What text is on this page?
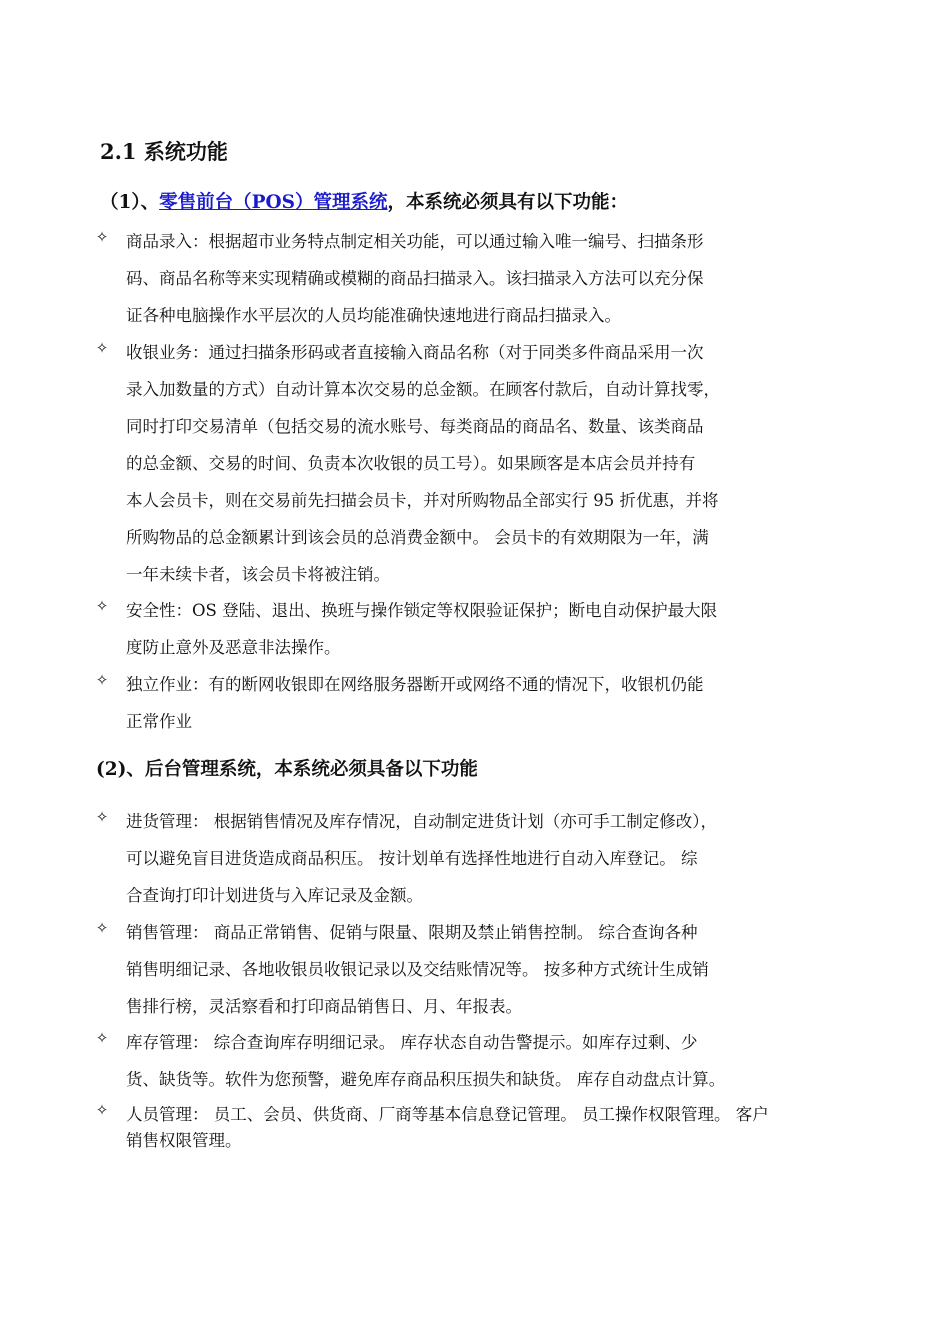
2.1 系统功能
（1）、零售前台（POS）管理系统，本系统必须具有以下功能：
✧ 商品录入：根据超市业务特点制定相关功能，可以通过输入唯一编号、扫描条形
码、商品名称等来实现精确或模糊的商品扫描录入。该扫描录入方法可以充分保
证各种电脑操作水平层次的人员均能准确快速地进行商品扫描录入。
✧ 收银业务：通过扫描条形码或者直接输入商品名称（对于同类多件商品采用一次
录入加数量的方式）自动计算本次交易的总金额。在顾客付款后，自动计算找零，
同时打印交易清单（包括交易的流水账号、每类商品的商品名、数量、该类商品
的总金额、交易的时间、负责本次收银的员工号）。如果顾客是本店会员并持有
本人会员卡，则在交易前先扫描会员卡，并对所购物品全部实行 95 折优惠，并将
所购物品的总金额累计到该会员的总消费金额中。 会员卡的有效期限为一年，满
一年未续卡者，该会员卡将被注销。
✧ 安全性：OS 登陆、退出、换班与操作锁定等权限验证保护；断电自动保护最大限
度防止意外及恶意非法操作。
✧ 独立作业：有的断网收银即在网络服务器断开或网络不通的情况下，收银机仍能
正常作业
(2)、后台管理系统，本系统必须具备以下功能
✧ 进货管理： 根据销售情况及库存情况，自动制定进货计划（亦可手工制定修改），
可以避免盲目进货造成商品积压。 按计划单有选择性地进行自动入库登记。 综
合查询打印计划进货与入库记录及金额。
✧ 销售管理： 商品正常销售、促销与限量、限期及禁止销售控制。 综合查询各种
销售明细记录、各地收银员收银记录以及交结账情况等。 按多种方式统计生成销
售排行榜，灵活察看和打印商品销售日、月、年报表。
✧ 库存管理： 综合查询库存明细记录。 库存状态自动告警提示。如库存过剩、少
货、缺货等。软件为您预警，避免库存商品积压损失和缺货。 库存自动盘点计算。
✧ 人员管理： 员工、会员、供货商、厂商等基本信息登记管理。 员工操作权限管理。 客户
销售权限管理。
